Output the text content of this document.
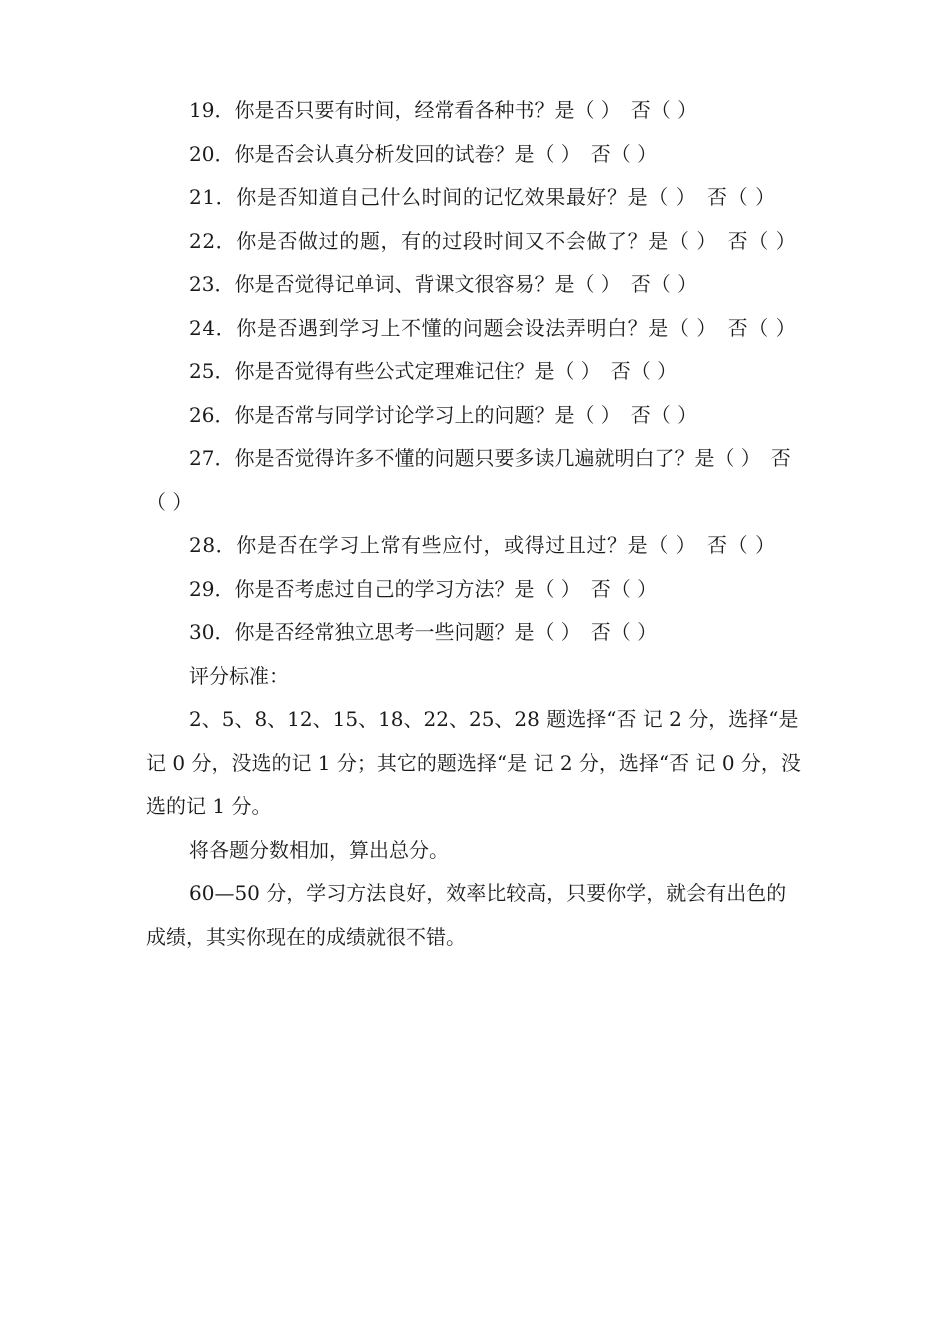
19．你是否只要有时间，经常看各种书？是（ ）　否（ ）

20．你是否会认真分析发回的试卷？是（ ）　否（ ）

21．你是否知道自己什么时间的记忆效果最好？是（ ）　否（ ）

22．你是否做过的题，有的过段时间又不会做了？是（ ）　否（ ）

23．你是否觉得记单词、背课文很容易？是（ ）　否（ ）

24．你是否遇到学习上不懂的问题会设法弄明白？是（ ）　否（ ）

25．你是否觉得有些公式定理难记住？是（ ）　否（ ）

26．你是否常与同学讨论学习上的问题？是（ ）　否（ ）

27．你是否觉得许多不懂的问题只要多读几遍就明白了？是（ ）　否（ ）

28．你是否在学习上常有些应付，或得过且过？是（ ）　否（ ）

29．你是否考虑过自己的学习方法？是（ ）　否（ ）

30．你是否经常独立思考一些问题？是（ ）　否（ ）

评分标准：

2、5、8、12、15、18、22、25、28 题选择“否 记 2 分，选择“是 记 0 分，没选的记 1 分；其它的题选择“是 记 2 分，选择“否 记 0 分，没选的记 1 分。

将各题分数相加，算出总分。

60—50 分，学习方法良好，效率比较高，只要你学，就会有出色的成绩，其实你现在的成绩就很不错。
